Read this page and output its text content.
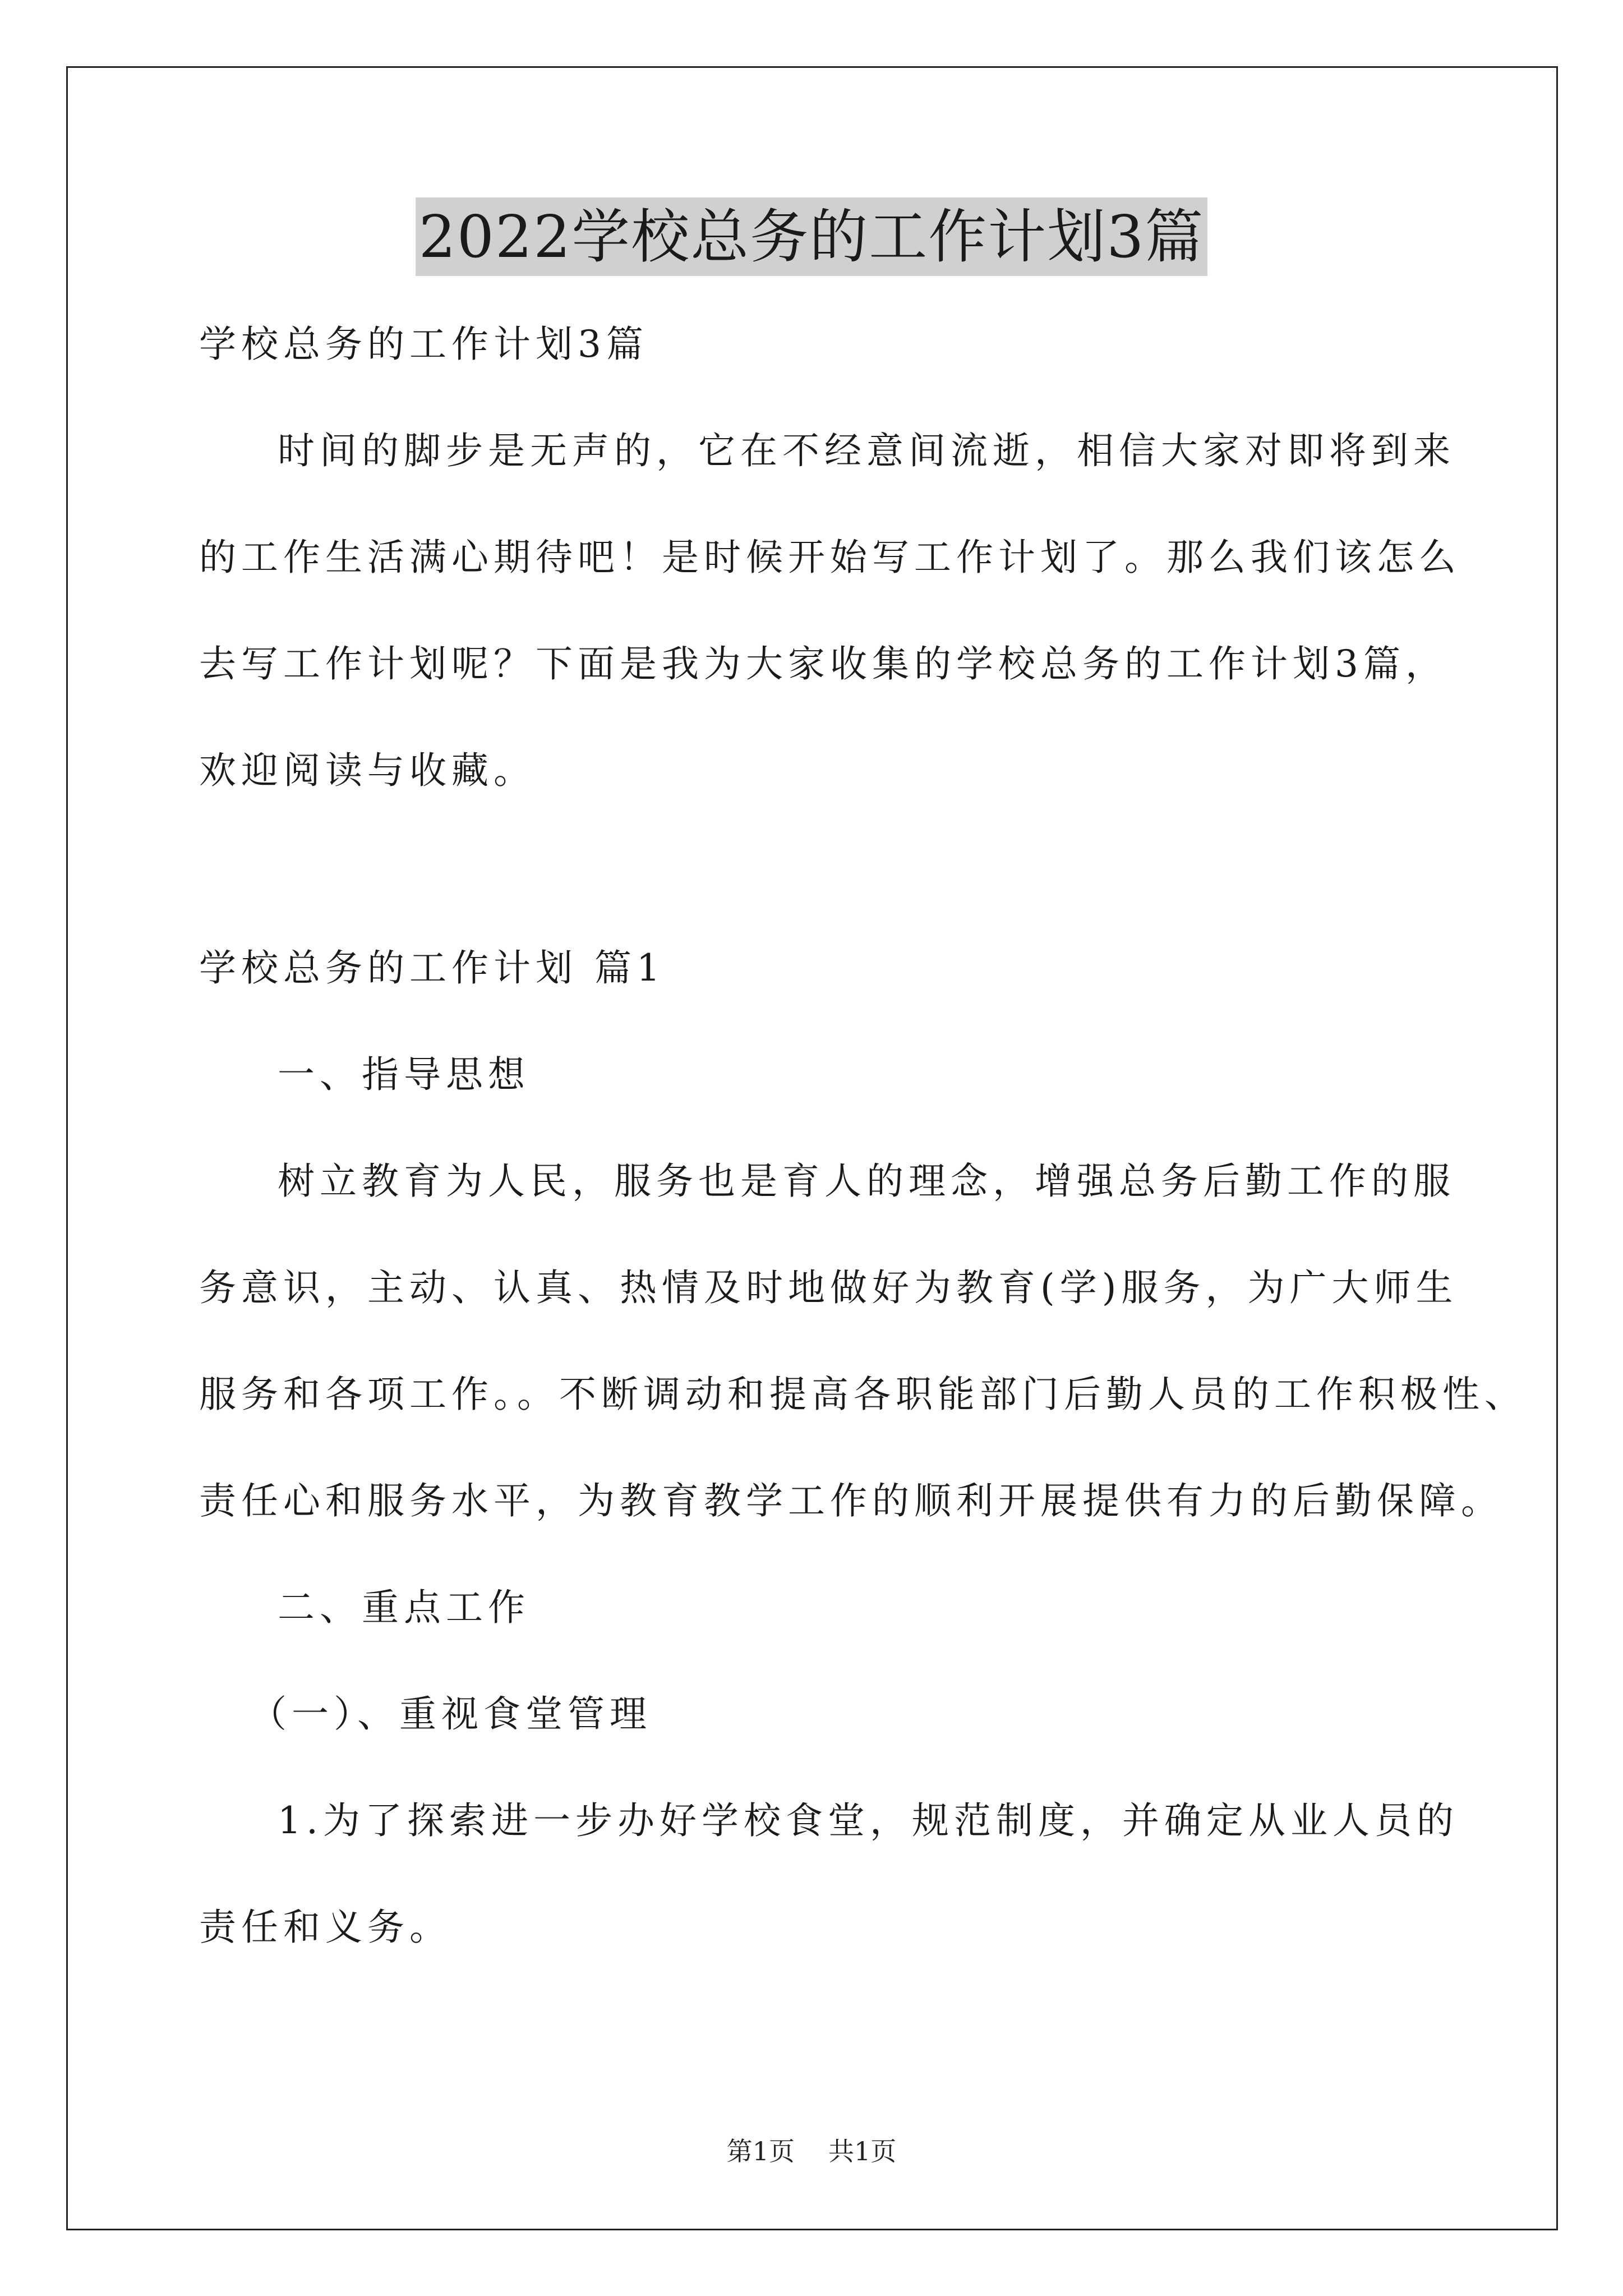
2022学校总务的工作计划3篇
学校总务的工作计划3篇
时间的脚步是无声的，它在不经意间流逝，相信大家对即将到来
的工作生活满心期待吧！是时候开始写工作计划了。那么我们该怎么
去写工作计划呢？下面是我为大家收集的学校总务的工作计划3篇，
欢迎阅读与收藏。
学校总务的工作计划 篇1
一、指导思想
树立教育为人民，服务也是育人的理念，增强总务后勤工作的服
务意识，主动、认真、热情及时地做好为教育(学)服务，为广大师生
服务和各项工作。。不断调动和提高各职能部门后勤人员的工作积极性、
责任心和服务水平，为教育教学工作的顺利开展提供有力的后勤保障。
二、重点工作
（一）、重视食堂管理
1.为了探索进一步办好学校食堂，规范制度，并确定从业人员的
责任和义务。
第1页 共1页
